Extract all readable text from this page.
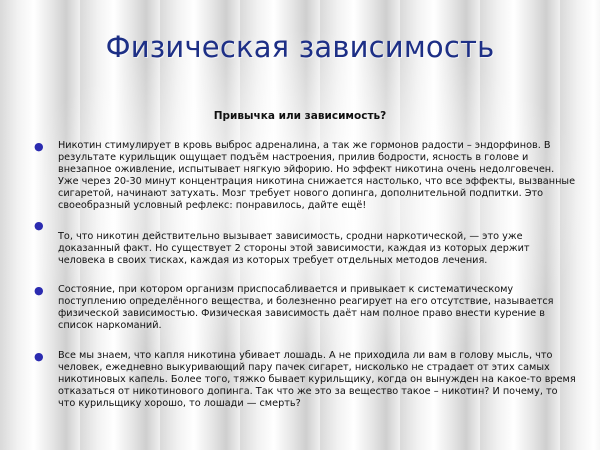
Физическая зависимость
Привычка или зависимость?
● Никотин стимулирует в кровь выброс адреналина, а так же гормонов радости – эндорфинов. В результате курильщик ощущает подъём настроения, прилив бодрости, ясность в голове и внезапное оживление, испытывает нягкую эйфорию. Но эффект никотина очень недолговечен. Уже через 20-30 минут концентрация никотина снижается настолько, что все эффекты, вызванные сигаретой, начинают затухать. Мозг требует нового допинга, дополнительной подпитки. Это своеобразный условный рефлекс: понравилось, дайте ещё!

●

То, что никотин действительно вызывает зависимость, сродни наркотической, — это уже доказанный факт. Но существует 2 стороны этой зависимости, каждая из которых держит человека в своих тисках, каждая из которых требует отдельных методов лечения.

● Состояние, при котором организм приспосабливается и привыкает к систематическому поступлению определённого вещества, и болезненно реагирует на его отсутствие, называется физической зависимостью. Физическая зависимость даёт нам полное право внести курение в список наркоманий.

● Все мы знаем, что капля никотина убивает лошадь. А не приходила ли вам в голову мысль, что человек, ежедневно выкуривающий пару пачек сигарет, нисколько не страдает от этих самых никотиновых капель. Более того, тяжко бывает курильщику, когда он вынужден на какое-то время отказаться от никотинового допинга. Так что же это за вещество такое – никотин? И почему, то что курильщику хорошо, то лошади — смерть?
